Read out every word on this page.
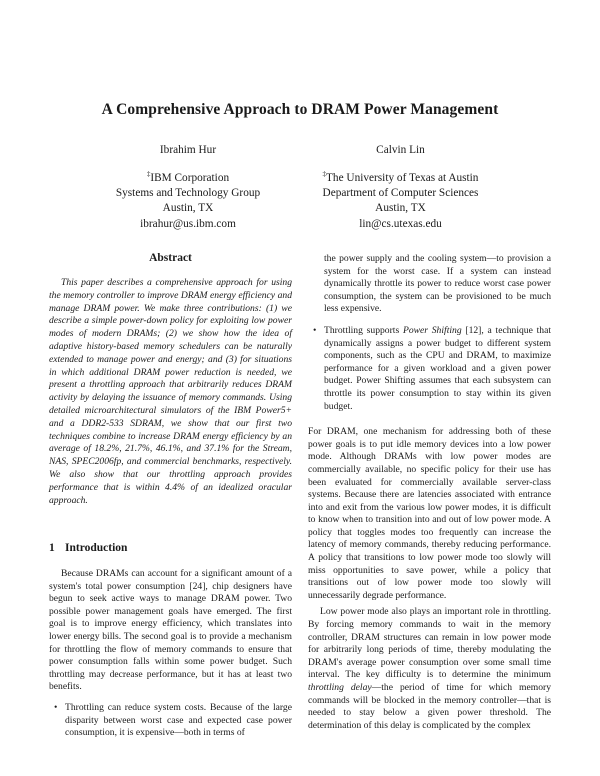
A Comprehensive Approach to DRAM Power Management
Ibrahim Hur
‡IBM Corporation
Systems and Technology Group
Austin, TX
ibrahur@us.ibm.com
Calvin Lin
‡The University of Texas at Austin
Department of Computer Sciences
Austin, TX
lin@cs.utexas.edu
Abstract

This paper describes a comprehensive approach for using the memory controller to improve DRAM energy efficiency and manage DRAM power. We make three contributions: (1) we describe a simple power-down policy for exploiting low power modes of modern DRAMs; (2) we show how the idea of adaptive history-based memory schedulers can be naturally extended to manage power and energy; and (3) for situations in which additional DRAM power reduction is needed, we present a throttling approach that arbitrarily reduces DRAM activity by delaying the issuance of memory commands. Using detailed microarchitectural simulators of the IBM Power5+ and a DDR2-533 SDRAM, we show that our first two techniques combine to increase DRAM energy efficiency by an average of 18.2%, 21.7%, 46.1%, and 37.1% for the Stream, NAS, SPEC2006fp, and commercial benchmarks, respectively. We also show that our throttling approach provides performance that is within 4.4% of an idealized oracular approach.

1 Introduction

Because DRAMs can account for a significant amount of a system's total power consumption [24], chip designers have begun to seek active ways to manage DRAM power. Two possible power management goals have emerged. The first goal is to improve energy efficiency, which translates into lower energy bills. The second goal is to provide a mechanism for throttling the flow of memory commands to ensure that power consumption falls within some power budget. Such throttling may decrease performance, but it has at least two benefits.

• Throttling can reduce system costs. Because of the large disparity between worst case and expected case power consumption, it is expensive—both in terms of
the power supply and the cooling system—to provision a system for the worst case. If a system can instead dynamically throttle its power to reduce worst case power consumption, the system can be provisioned to be much less expensive.
• Throttling supports Power Shifting [12], a technique that dynamically assigns a power budget to different system components, such as the CPU and DRAM, to maximize performance for a given workload and a given power budget. Power Shifting assumes that each subsystem can throttle its power consumption to stay within its given budget.

For DRAM, one mechanism for addressing both of these power goals is to put idle memory devices into a low power mode. Although DRAMs with low power modes are commercially available, no specific policy for their use has been evaluated for commercially available server-class systems. Because there are latencies associated with entrance into and exit from the various low power modes, it is difficult to know when to transition into and out of low power mode. A policy that toggles modes too frequently can increase the latency of memory commands, thereby reducing performance. A policy that transitions to low power mode too slowly will miss opportunities to save power, while a policy that transitions out of low power mode too slowly will unnecessarily degrade performance.

Low power mode also plays an important role in throttling. By forcing memory commands to wait in the memory controller, DRAM structures can remain in low power mode for arbitrarily long periods of time, thereby modulating the DRAM's average power consumption over some small time interval. The key difficulty is to determine the minimum throttling delay—the period of time for which memory commands will be blocked in the memory controller—that is needed to stay below a given power threshold. The determination of this delay is complicated by the complex
